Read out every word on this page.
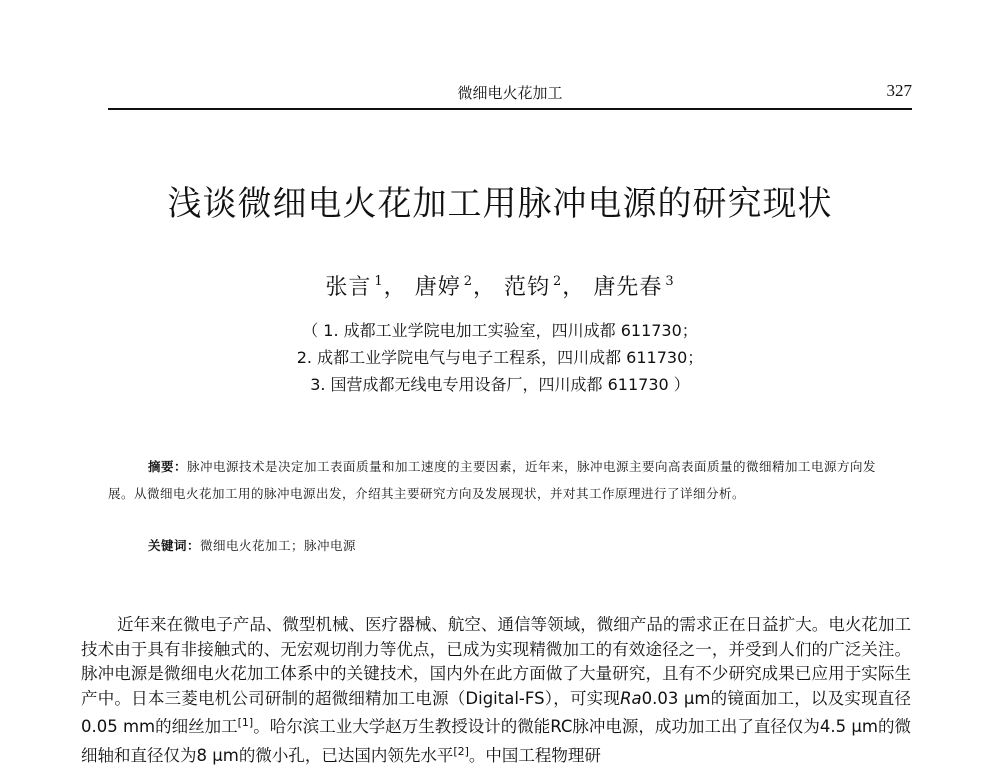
微细电火花加工	327
浅谈微细电火花加工用脉冲电源的研究现状
张言 $^1$， 唐婷 $^2$， 范钧 $^2$， 唐先春 $^3$
（ 1. 成都工业学院电加工实验室，四川成都 611730；
2. 成都工业学院电气与电子工程系，四川成都 611730；
3. 国营成都无线电专用设备厂，四川成都 611730 ）
摘要：脉冲电源技术是决定加工表面质量和加工速度的主要因素，近年来，脉冲电源主要向高表面质量的微细精加工电源方向发展。从微细电火花加工用的脉冲电源出发，介绍其主要研究方向及发展现状，并对其工作原理进行了详细分析。
关键词：微细电火花加工；脉冲电源
近年来在微电子产品、微型机械、医疗器械、航空、通信等领域，微细产品的需求正在日益扩大。电火花加工技术由于具有非接触式的、无宏观切削力等优点，已成为实现精微加工的有效途径之一，并受到人们的广泛关注。脉冲电源是微细电火花加工体系中的关键技术，国内外在此方面做了大量研究，且有不少研究成果已应用于实际生产中。日本三菱电机公司研制的超微细精加工电源（Digital-FS），可实现Ra0.03 µm的镜面加工，以及实现直径0.05 mm的细丝加工[1]。哈尔滨工业大学赵万生教授设计的微能RC脉冲电源，成功加工出了直径仅为4.5 µm的微细轴和直径仅为8 µm的微小孔，已达国内领先水平[2]。中国工程物理研
